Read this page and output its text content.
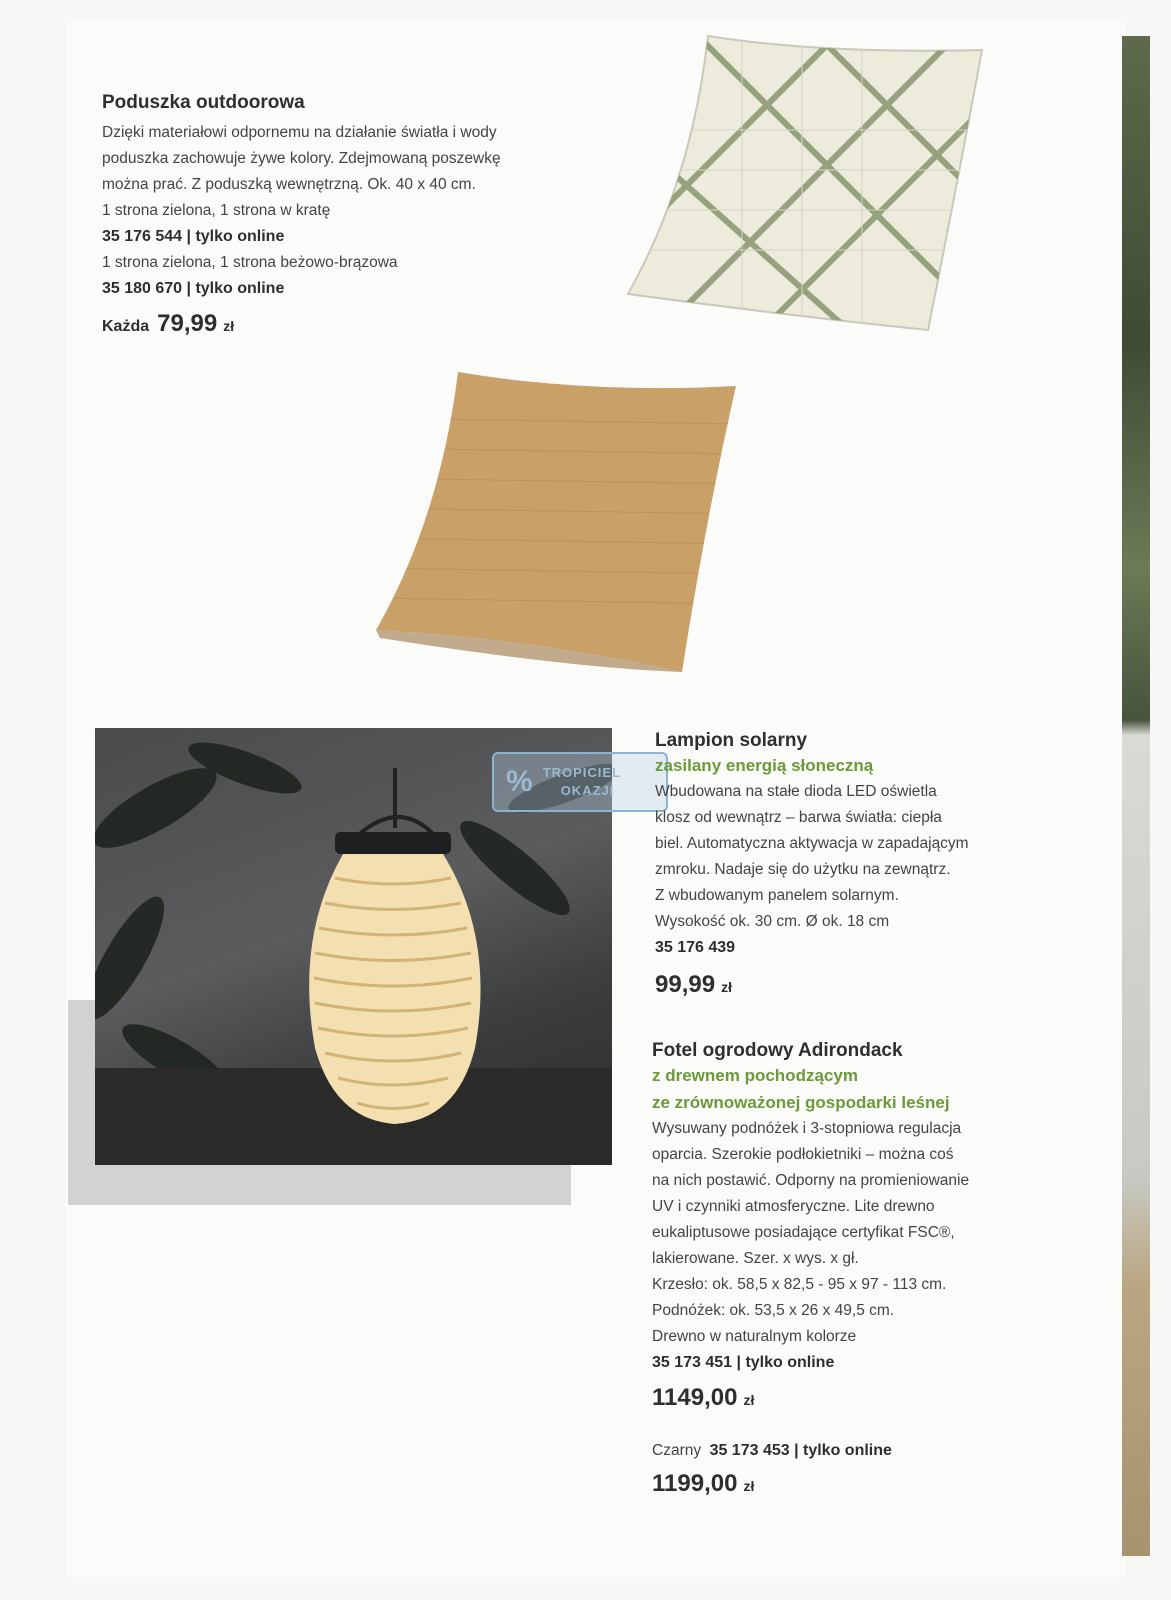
Poduszka outdoorowa
Dzięki materiałowi odpornemu na działanie światła i wody
poduszka zachowuje żywe kolory. Zdejmowaną poszewkę
można prać. Z poduszką wewnętrzną. Ok. 40 x 40 cm.
1 strona zielona, 1 strona w kratę
35 176 544 | tylko online
1 strona zielona, 1 strona beżowo-brązowa
35 180 670 | tylko online
Każda 79,99 zł
% TROPICIEL
OKAZJI
Lampion solarny
zasilany energią słoneczną
Wbudowana na stałe dioda LED oświetla
klosz od wewnątrz – barwa światła: ciepła
biel. Automatyczna aktywacja w zapadającym
zmroku. Nadaje się do użytku na zewnątrz.
Z wbudowanym panelem solarnym.
Wysokość ok. 30 cm. Ø ok. 18 cm
35 176 439
99,99 zł
Fotel ogrodowy Adirondack
z drewnem pochodzącym
ze zrównoważonej gospodarki leśnej
Wysuwany podnóżek i 3-stopniowa regulacja
oparcia. Szerokie podłokietniki – można coś
na nich postawić. Odporny na promieniowanie
UV i czynniki atmosferyczne. Lite drewno
eukaliptusowe posiadające certyfikat FSC®,
lakierowane. Szer. x wys. x gł.
Krzesło: ok. 58,5 x 82,5 - 95 x 97 - 113 cm.
Podnóżek: ok. 53,5 x 26 x 49,5 cm.
Drewno w naturalnym kolorze
35 173 451 | tylko online
1149,00 zł
Czarny 35 173 453 | tylko online
1199,00 zł
